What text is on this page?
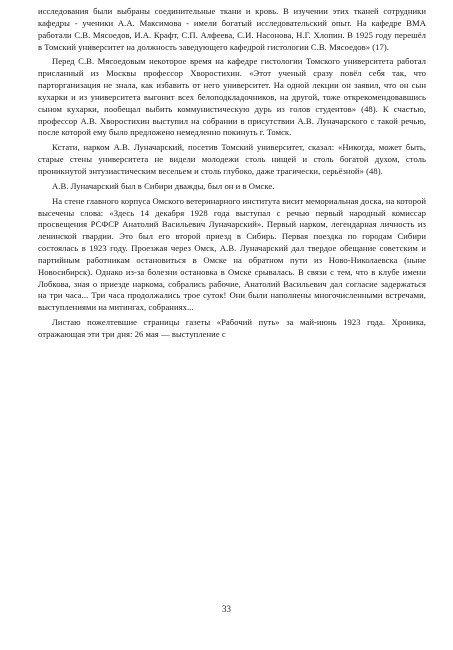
исследования были выбраны соединительные ткани и кровь. В изучении этих тканей сотрудники кафедры - ученики А.А. Максимова - имели богатый исследовательский опыт. На кафедре ВМА работали С.В. Мясоедов, И.А. Крафт, С.П. Алфеева, С.И. Насонова, Н.Г. Хлопин. В 1925 году перешёл в Томский университет на должность заведующего кафедрой гистологии С.В. Мясоедов» (17).

Перед С.В. Мясоедовым некоторое время на кафедре гистологии Томского университета работал присланный из Москвы профессор Хворостихин. «Этот ученый сразу повёл себя так, что парторганизация не знала, как избавить от него университет. На одной лекции он заявил, что он сын кухарки и из университета выгонит всех белоподкладочников, на другой, тоже открекомендовавшись сыном кухарки, пообещал выбить коммунистическую дурь из голов студентов» (48). К счастью, профессор А.В. Хворостихин выступил на собрании в присутствии А.В. Луначарского с такой речью, после которой ему было предложено немедленно покинуть г. Томск.

Кстати, нарком А.В. Луначарский, посетив Томский университет, сказал: «Никогда, может быть, старые стены университета не видели молодежи столь нищей и столь богатой духом, столь проникнутой энтузиастическим весельем и столь глубоко, даже трагически, серьёзной» (48).

А.В. Луначарский был в Сибири дважды, был он и в Омске.

На стене главного корпуса Омского ветеринарного института висит мемориальная доска, на которой высечены слова: «Здесь 14 декабря 1928 года выступал с речью первый народный комиссар просвещения РСФСР Анатолий Васильевич Луначарский». Первый нарком, легендарная личность из ленинской гвардии. Это был его второй приезд в Сибирь. Первая поездка по городам Сибири состоялась в 1923 году. Проезжая через Омск, А.В. Луначарский дал твердое обещание советским и партийным работникам остановиться в Омске на обратном пути из Ново-Николаевска (ныне Новосибирск). Однако из-за болезни остановка в Омске срывалась. В связи с тем, что в клубе имени Лобкова, зная о приезде наркома, собрались рабочие, Анатолий Васильевич дал согласие задержаться на три часа... Три часа продолжались трое суток! Они были наполнены многочисленными встречами, выступлениями на митингах, собраниях...

Листаю пожелтевшие страницы газеты «Рабочий путь» за май-июнь 1923 года. Хроника, отражающая эти три дня: 26 мая — выступление с

33
